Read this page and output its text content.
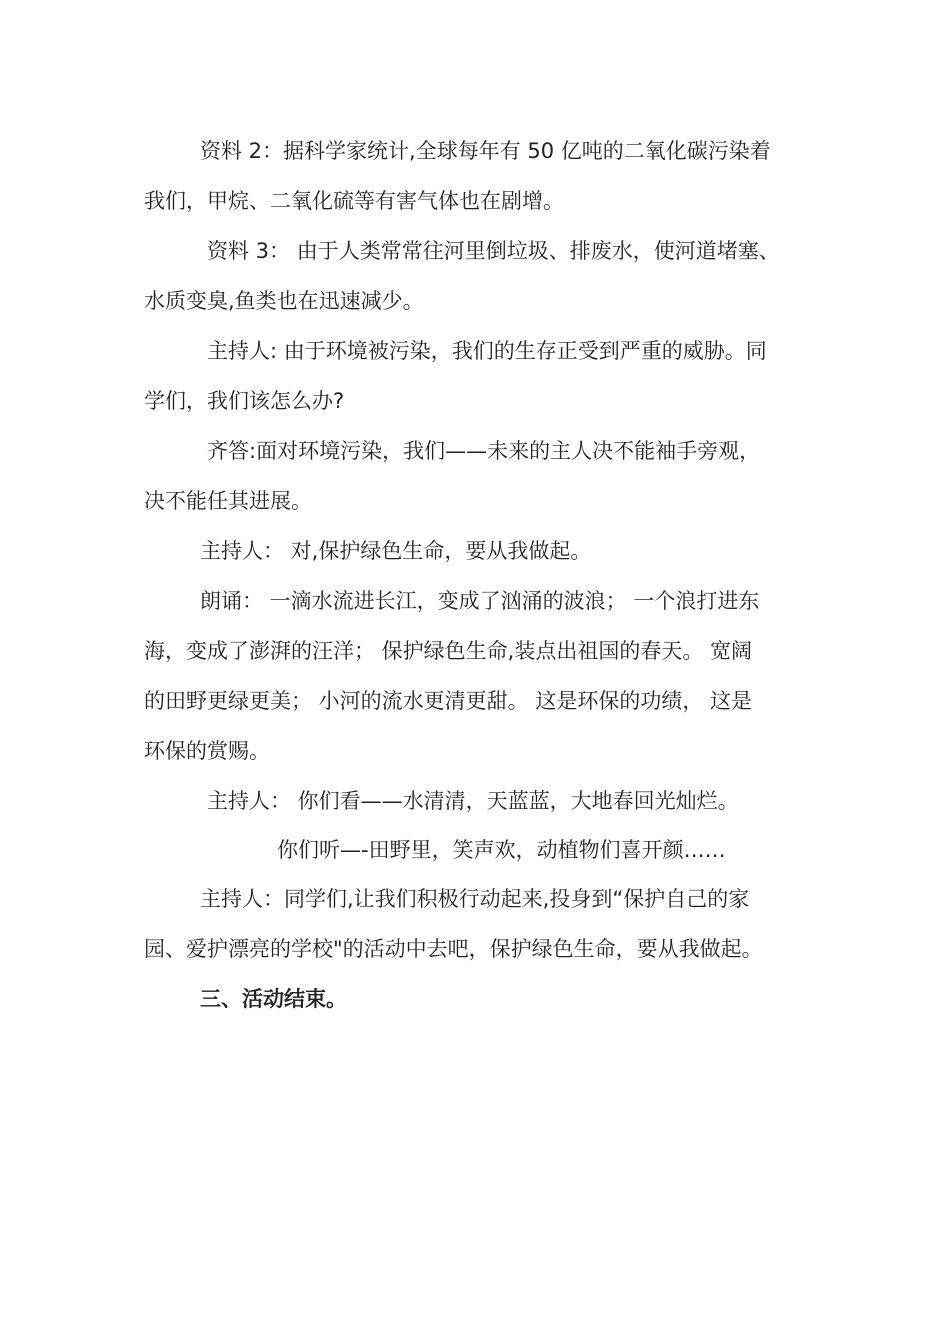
资料 2：据科学家统计,全球每年有 50 亿吨的二氧化碳污染着
我们，甲烷、二氧化硫等有害气体也在剧增。
资料 3： 由于人类常常往河里倒垃圾、排废水，使河道堵塞、
水质变臭,鱼类也在迅速减少。
主持人: 由于环境被污染，我们的生存正受到严重的威胁。同
学们，我们该怎么办?
齐答:面对环境污染，我们——未来的主人决不能袖手旁观，
决不能任其进展。
主持人： 对,保护绿色生命，要从我做起。
朗诵： 一滴水流进长江，变成了汹涌的波浪； 一个浪打进东
海，变成了澎湃的汪洋； 保护绿色生命,装点出祖国的春天。 宽阔
的田野更绿更美； 小河的流水更清更甜。 这是环保的功绩， 这是
环保的赏赐。
主持人： 你们看——水清清，天蓝蓝，大地春回光灿烂。
你们听—-田野里，笑声欢，动植物们喜开颜……
主持人：同学们,让我们积极行动起来,投身到“保护自己的家
园、爱护漂亮的学校"的活动中去吧，保护绿色生命，要从我做起。
三、活动结束。
